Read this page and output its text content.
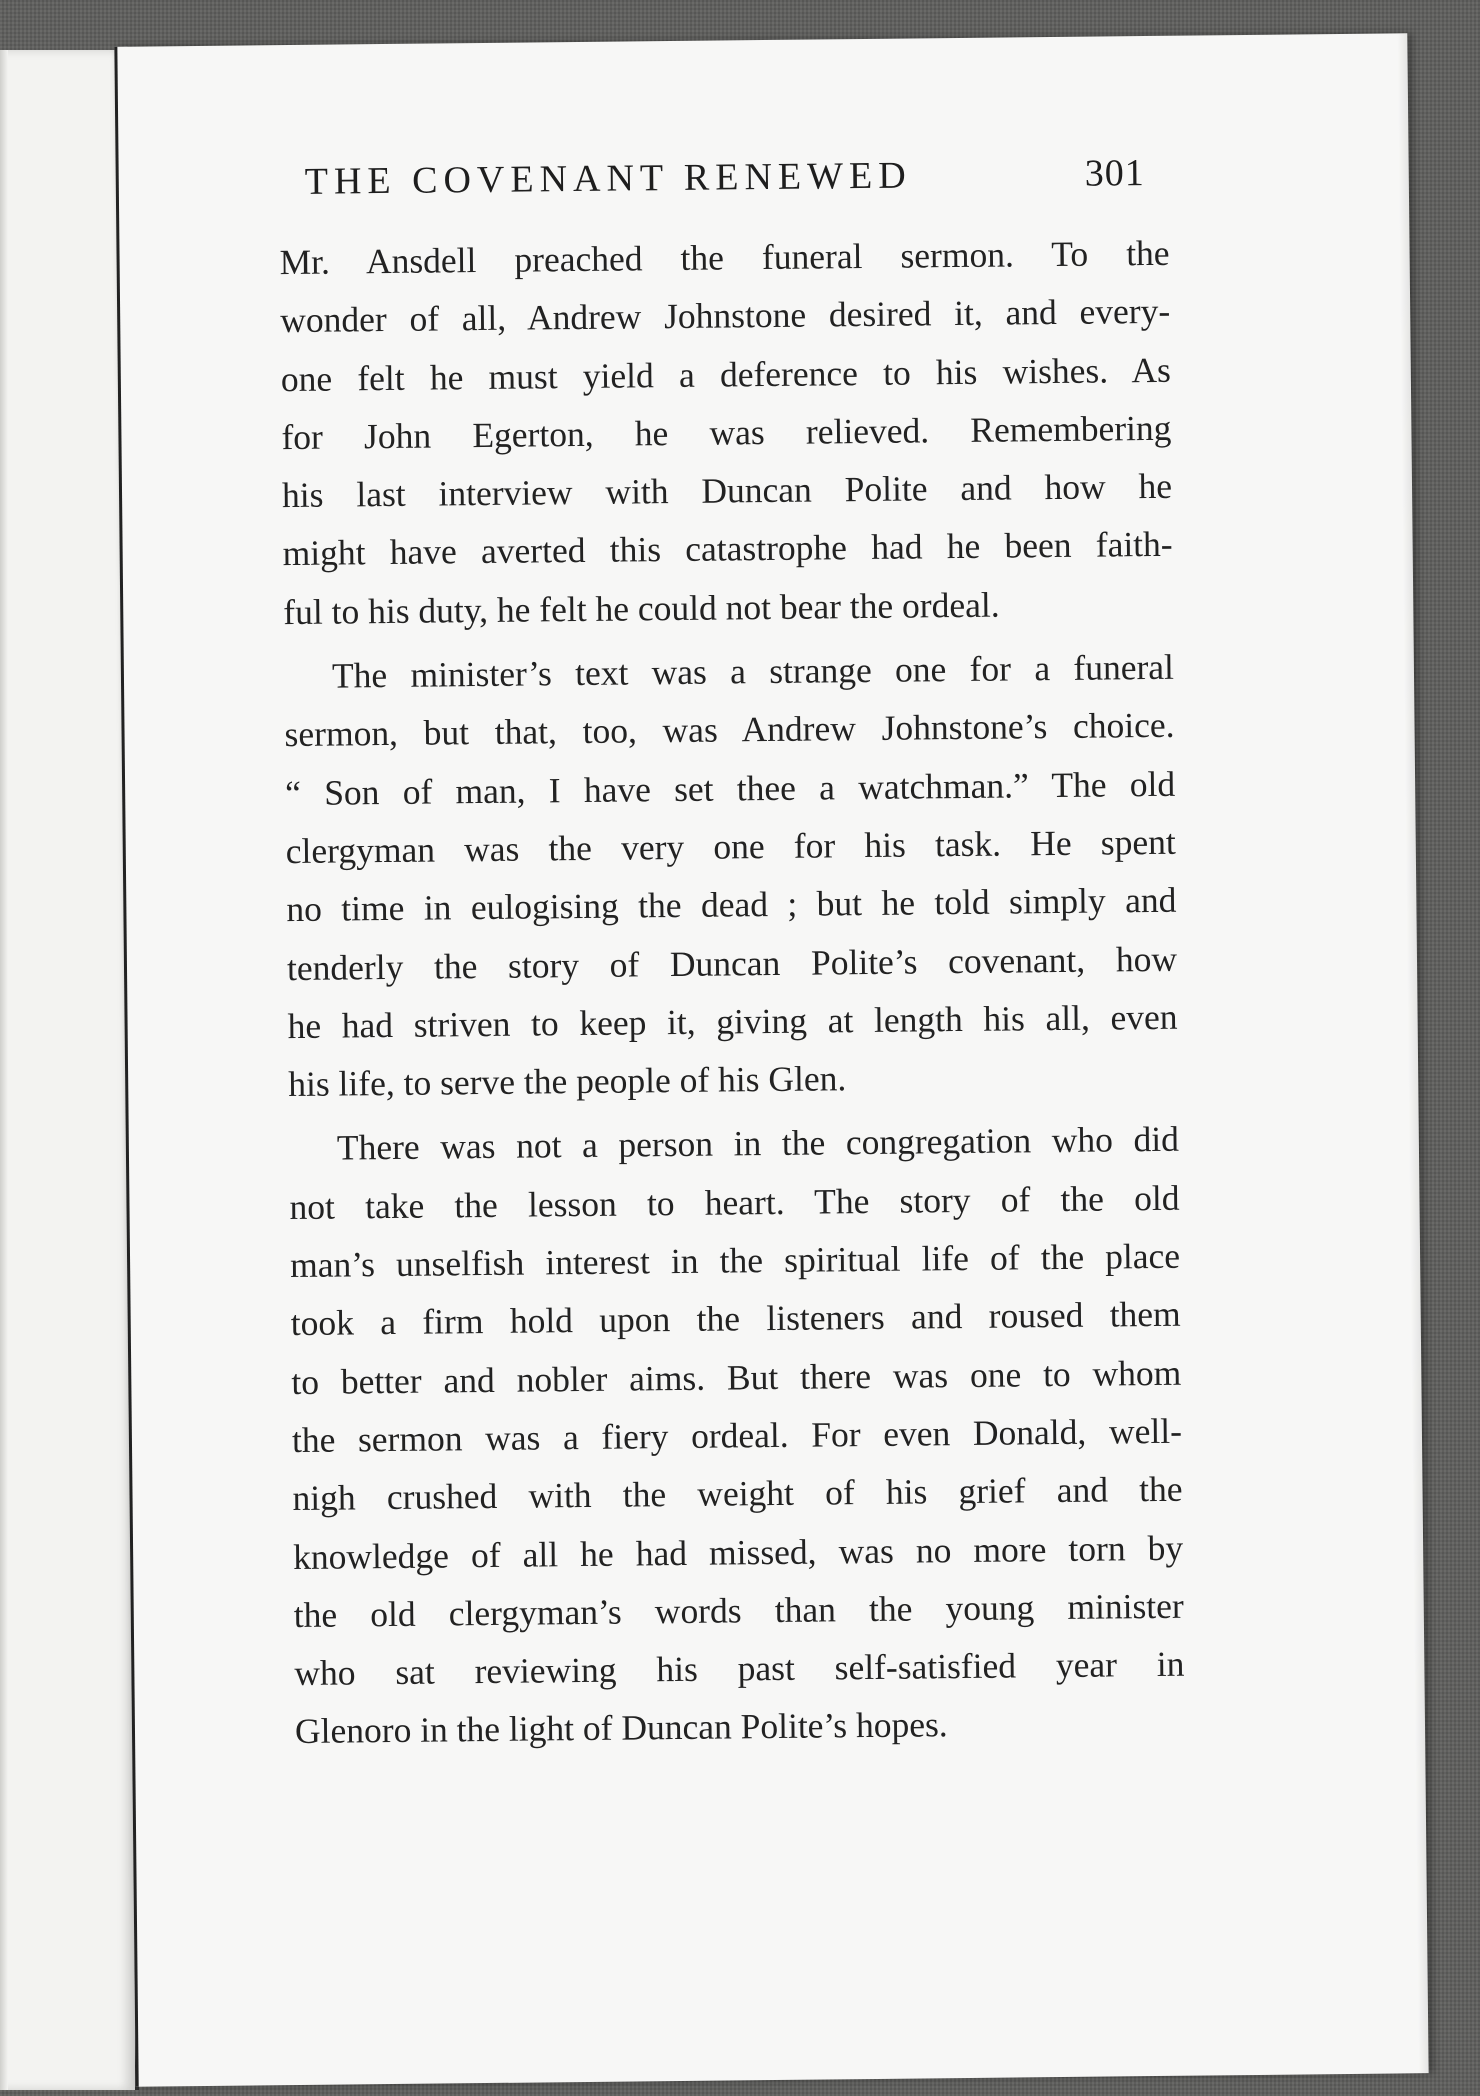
THE COVENANT RENEWED	301

Mr. Ansdell preached the funeral sermon. To the
wonder of all, Andrew Johnstone desired it, and every-
one felt he must yield a deference to his wishes. As
for John Egerton, he was relieved. Remembering
his last interview with Duncan Polite and how he
might have averted this catastrophe had he been faith-
ful to his duty, he felt he could not bear the ordeal.

The minister’s text was a strange one for a funeral
sermon, but that, too, was Andrew Johnstone’s choice.
“ Son of man, I have set thee a watchman.” The old
clergyman was the very one for his task. He spent
no time in eulogising the dead ; but he told simply and
tenderly the story of Duncan Polite’s covenant, how
he had striven to keep it, giving at length his all, even
his life, to serve the people of his Glen.

There was not a person in the congregation who did
not take the lesson to heart. The story of the old
man’s unselfish interest in the spiritual life of the place
took a firm hold upon the listeners and roused them
to better and nobler aims. But there was one to whom
the sermon was a fiery ordeal. For even Donald, well-
nigh crushed with the weight of his grief and the
knowledge of all he had missed, was no more torn by
the old clergyman’s words than the young minister
who sat reviewing his past self-satisfied year in
Glenoro in the light of Duncan Polite’s hopes.
